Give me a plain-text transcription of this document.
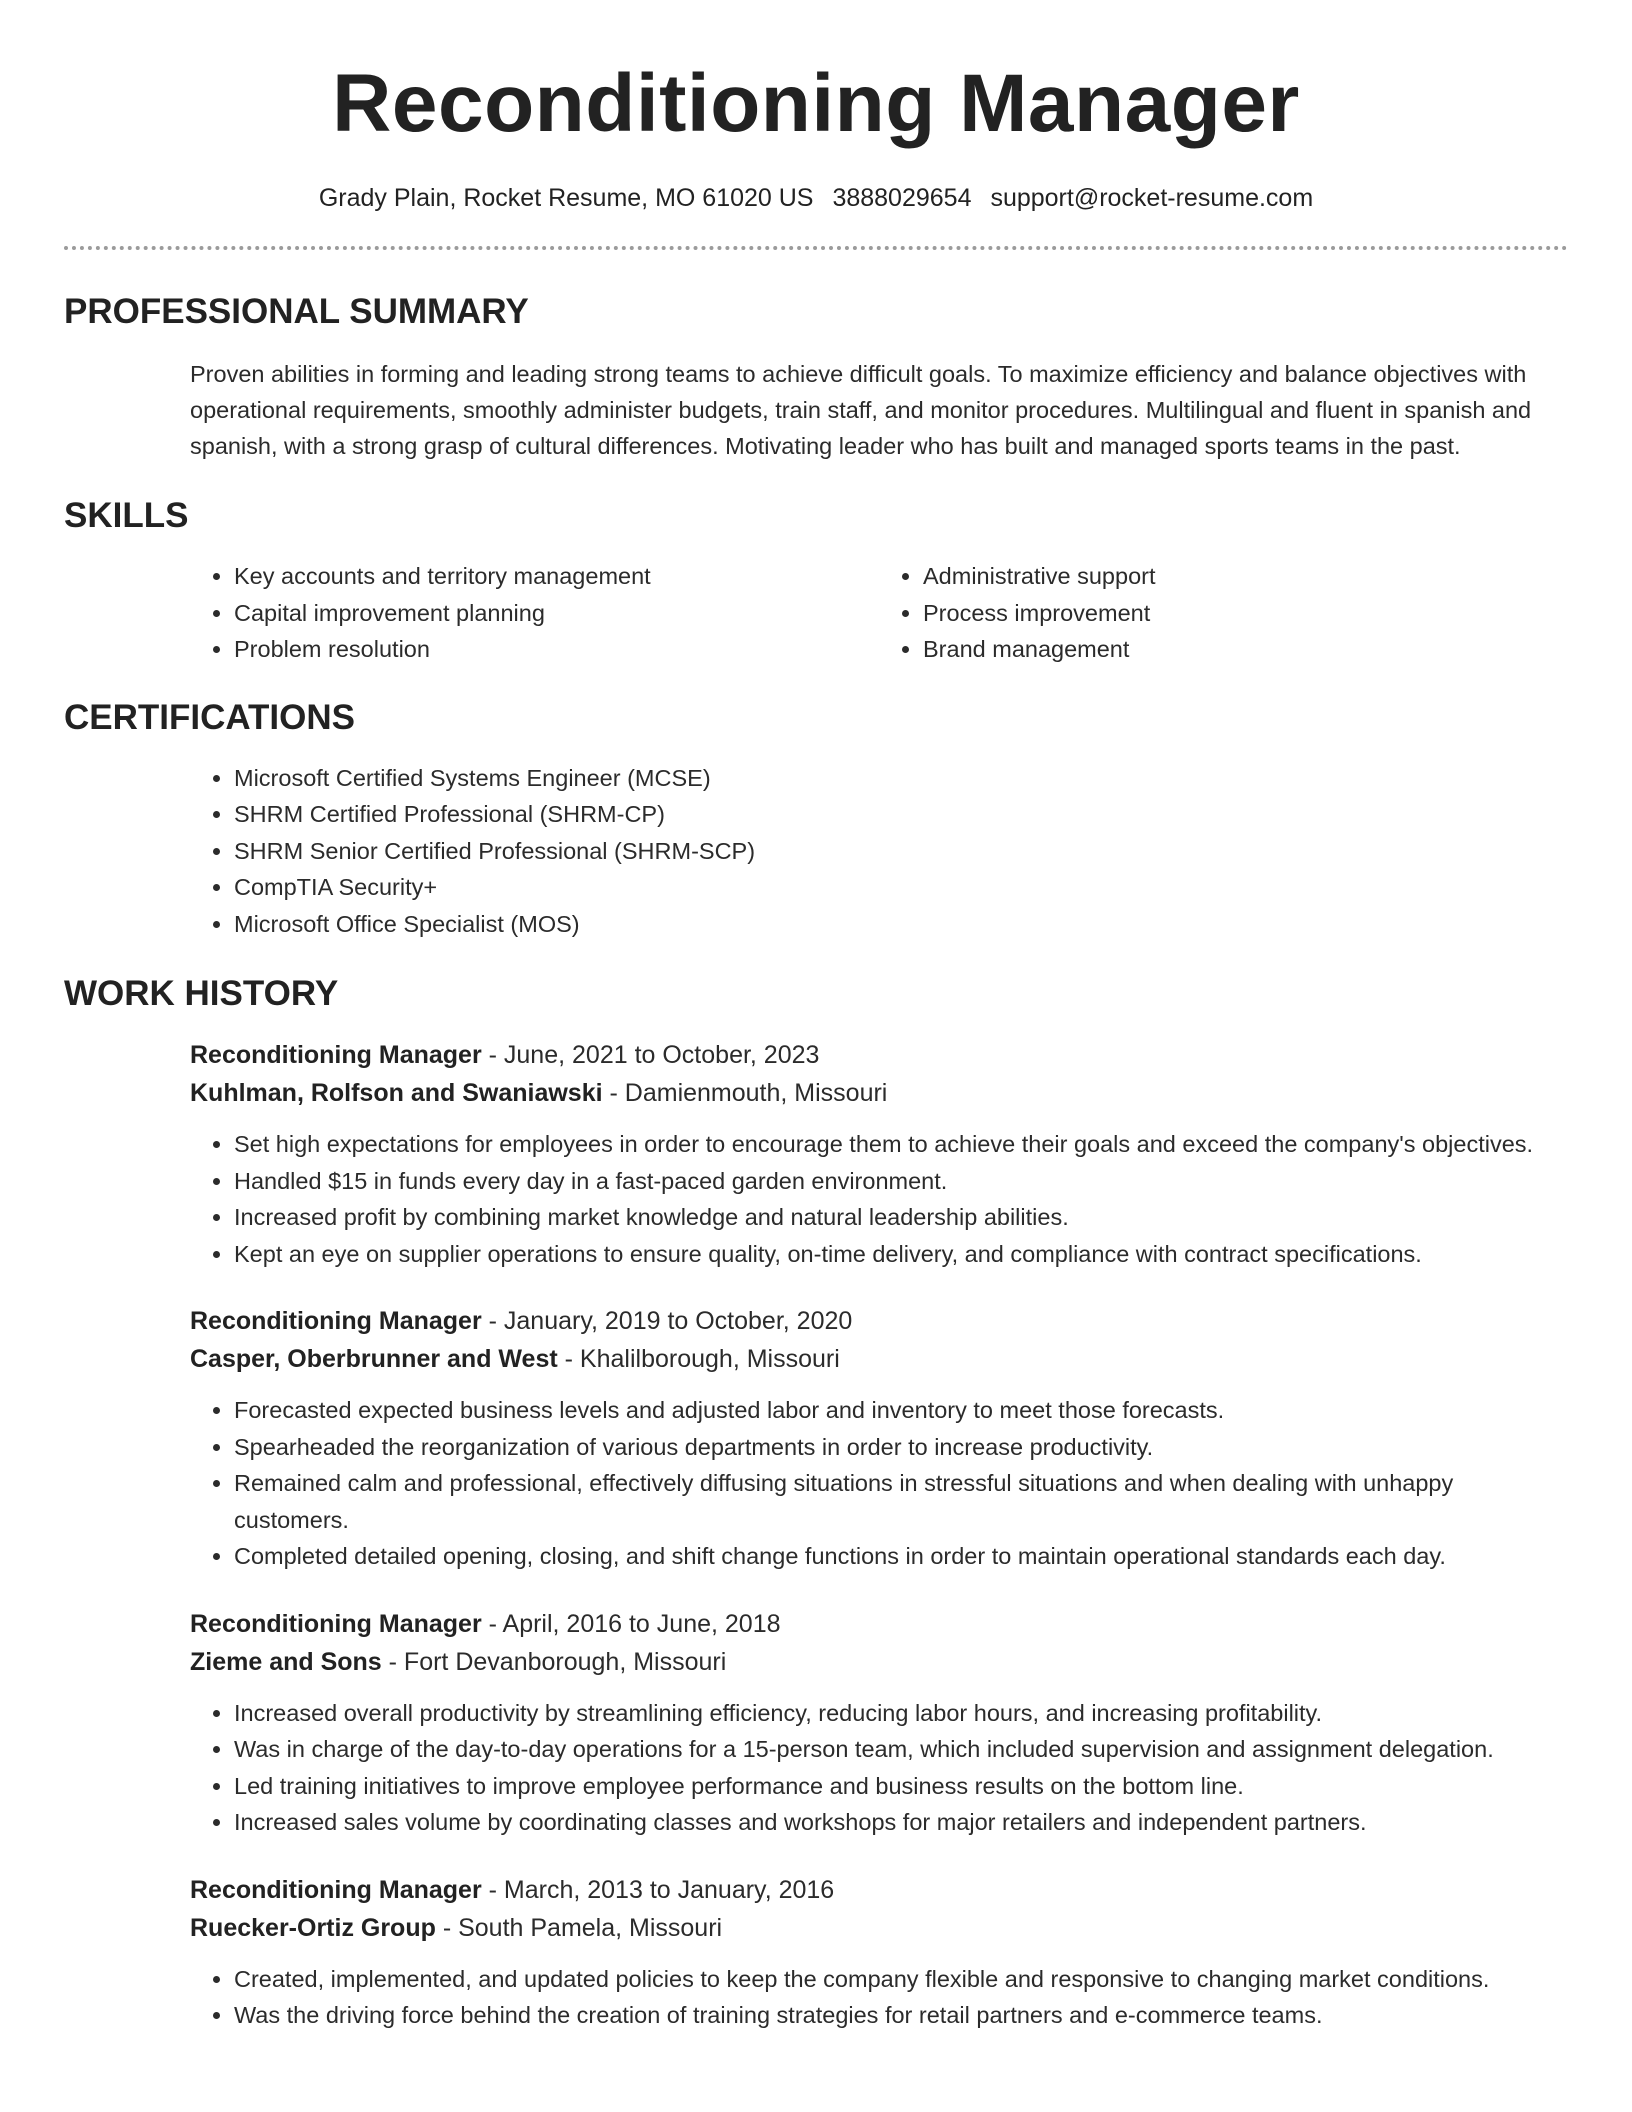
Reconditioning Manager
Grady Plain, Rocket Resume, MO 61020 US 3888029654 support@rocket-resume.com
PROFESSIONAL SUMMARY

Proven abilities in forming and leading strong teams to achieve difficult goals. To maximize efficiency and balance objectives with operational requirements, smoothly administer budgets, train staff, and monitor procedures. Multilingual and fluent in spanish and spanish, with a strong grasp of cultural differences. Motivating leader who has built and managed sports teams in the past.

SKILLS
• Key accounts and territory management
• Capital improvement planning
• Problem resolution
• Administrative support
• Process improvement
• Brand management
CERTIFICATIONS
• Microsoft Certified Systems Engineer (MCSE)
• SHRM Certified Professional (SHRM-CP)
• SHRM Senior Certified Professional (SHRM-SCP)
• CompTIA Security+
• Microsoft Office Specialist (MOS)
WORK HISTORY
Reconditioning Manager - June, 2021 to October, 2023
Kuhlman, Rolfson and Swaniawski - Damienmouth, Missouri
• Set high expectations for employees in order to encourage them to achieve their goals and exceed the company's objectives.
• Handled $15 in funds every day in a fast-paced garden environment.
• Increased profit by combining market knowledge and natural leadership abilities.
• Kept an eye on supplier operations to ensure quality, on-time delivery, and compliance with contract specifications.
Reconditioning Manager - January, 2019 to October, 2020
Casper, Oberbrunner and West - Khalilborough, Missouri
• Forecasted expected business levels and adjusted labor and inventory to meet those forecasts.
• Spearheaded the reorganization of various departments in order to increase productivity.
• Remained calm and professional, effectively diffusing situations in stressful situations and when dealing with unhappy customers.
• Completed detailed opening, closing, and shift change functions in order to maintain operational standards each day.
Reconditioning Manager - April, 2016 to June, 2018
Zieme and Sons - Fort Devanborough, Missouri
• Increased overall productivity by streamlining efficiency, reducing labor hours, and increasing profitability.
• Was in charge of the day-to-day operations for a 15-person team, which included supervision and assignment delegation.
• Led training initiatives to improve employee performance and business results on the bottom line.
• Increased sales volume by coordinating classes and workshops for major retailers and independent partners.
Reconditioning Manager - March, 2013 to January, 2016
Ruecker-Ortiz Group - South Pamela, Missouri
• Created, implemented, and updated policies to keep the company flexible and responsive to changing market conditions.
• Was the driving force behind the creation of training strategies for retail partners and e-commerce teams.
